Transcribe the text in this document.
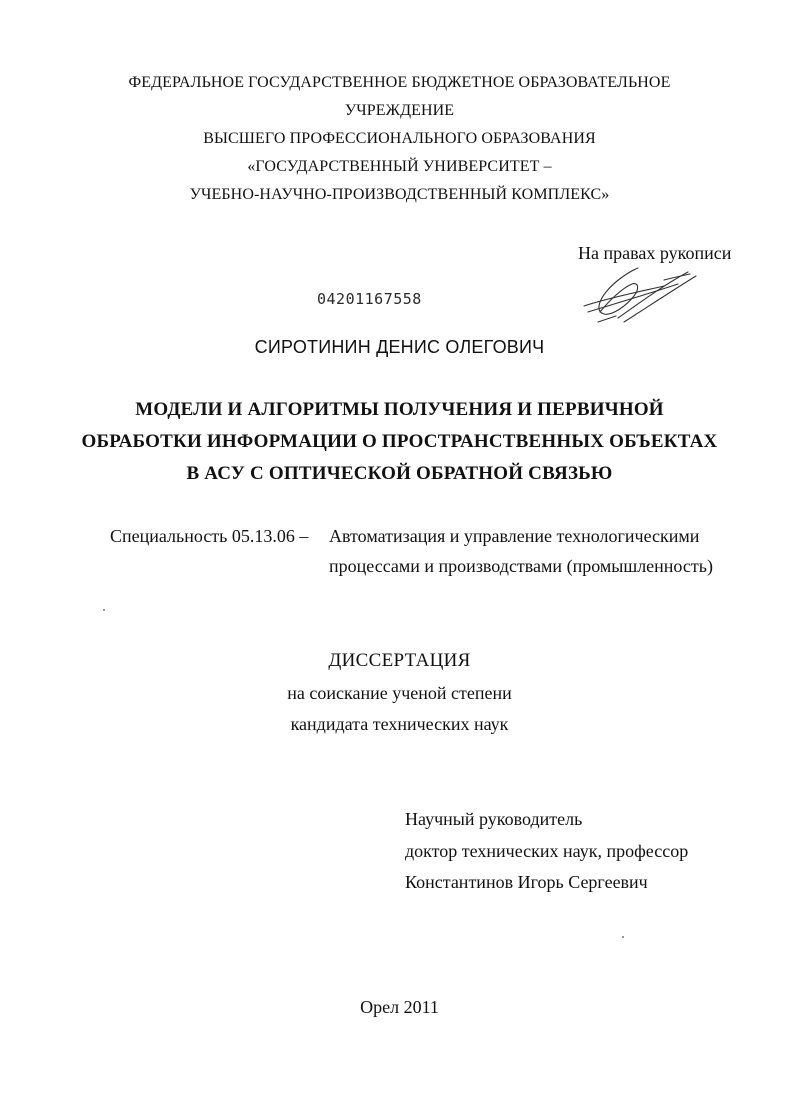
ФЕДЕРАЛЬНОЕ ГОСУДАРСТВЕННОЕ БЮДЖЕТНОЕ ОБРАЗОВАТЕЛЬНОЕ
УЧРЕЖДЕНИЕ
ВЫСШЕГО ПРОФЕССИОНАЛЬНОГО ОБРАЗОВАНИЯ
«ГОСУДАРСТВЕННЫЙ УНИВЕРСИТЕТ –
УЧЕБНО-НАУЧНО-ПРОИЗВОДСТВЕННЫЙ КОМПЛЕКС»
На правах рукописи
04201167558
СИРОТИНИН ДЕНИС ОЛЕГОВИЧ
МОДЕЛИ И АЛГОРИТМЫ ПОЛУЧЕНИЯ И ПЕРВИЧНОЙ
ОБРАБОТКИ ИНФОРМАЦИИ О ПРОСТРАНСТВЕННЫХ ОБЪЕКТАХ
В АСУ С ОПТИЧЕСКОЙ ОБРАТНОЙ СВЯЗЬЮ
Специальность 05.13.06 – Автоматизация и управление технологическими
процессами и производствами (промышленность)
ДИССЕРТАЦИЯ
на соискание ученой степени
кандидата технических наук
Научный руководитель
доктор технических наук, профессор
Константинов Игорь Сергеевич
Орел 2011
